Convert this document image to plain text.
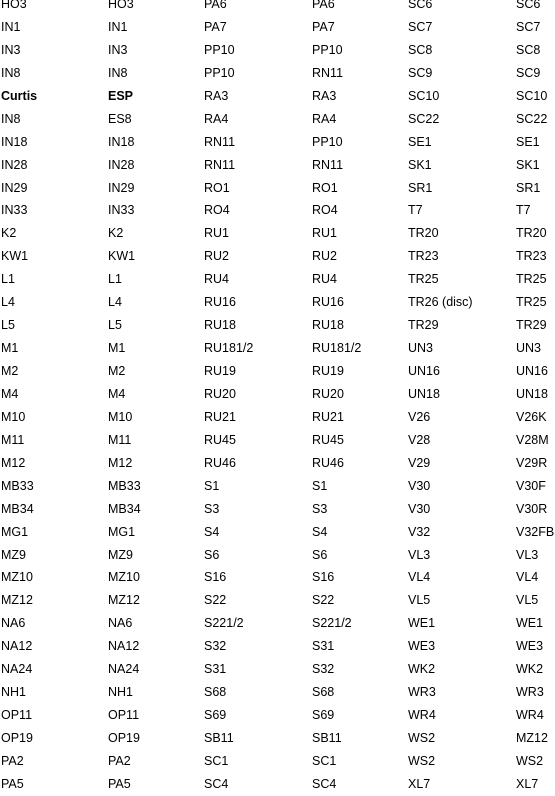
HO3	HO3	PA6	PA6	SC6	SC6
IN1	IN1	PA7	PA7	SC7	SC7
IN3	IN3	PP10	PP10	SC8	SC8
IN8	IN8	PP10	RN11	SC9	SC9
Curtis	ESP	RA3	RA3	SC10	SC10
IN8	ES8	RA4	RA4	SC22	SC22
IN18	IN18	RN11	PP10	SE1	SE1
IN28	IN28	RN11	RN11	SK1	SK1
IN29	IN29	RO1	RO1	SR1	SR1
IN33	IN33	RO4	RO4	T7	T7
K2	K2	RU1	RU1	TR20	TR20
KW1	KW1	RU2	RU2	TR23	TR23
L1	L1	RU4	RU4	TR25	TR25
L4	L4	RU16	RU16	TR26 (disc)	TR25
L5	L5	RU18	RU18	TR29	TR29
M1	M1	RU181/2	RU181/2	UN3	UN3
M2	M2	RU19	RU19	UN16	UN16
M4	M4	RU20	RU20	UN18	UN18
M10	M10	RU21	RU21	V26	V26K
M11	M11	RU45	RU45	V28	V28M
M12	M12	RU46	RU46	V29	V29R
MB33	MB33	S1	S1	V30	V30F
MB34	MB34	S3	S3	V30	V30R
MG1	MG1	S4	S4	V32	V32FB
MZ9	MZ9	S6	S6	VL3	VL3
MZ10	MZ10	S16	S16	VL4	VL4
MZ12	MZ12	S22	S22	VL5	VL5
NA6	NA6	S221/2	S221/2	WE1	WE1
NA12	NA12	S32	S31	WE3	WE3
NA24	NA24	S31	S32	WK2	WK2
NH1	NH1	S68	S68	WR3	WR3
OP11	OP11	S69	S69	WR4	WR4
OP19	OP19	SB11	SB11	WS2	MZ12
PA2	PA2	SC1	SC1	WS2	WS2
PA5	PA5	SC4	SC4	XL7	XL7
